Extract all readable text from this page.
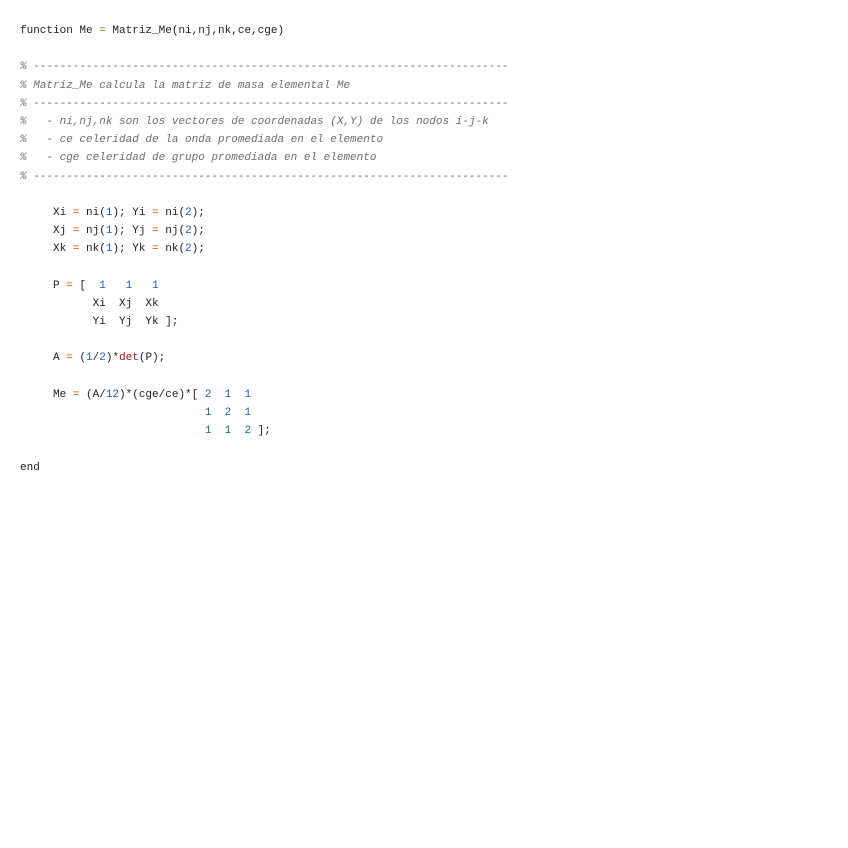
function Me = Matriz_Me(ni,nj,nk,ce,cge)
% ------------------------------------------------------------------------
% Matriz_Me calcula la matriz de masa elemental Me
% ------------------------------------------------------------------------
%   - ni,nj,nk son los vectores de coordenadas (X,Y) de los nodos i-j-k
%   - ce celeridad de la onda promediada en el elemento
%   - cge celeridad de grupo promediada en el elemento
% ------------------------------------------------------------------------
Xi = ni(1); Yi = ni(2);
Xj = nj(1); Yj = nj(2);
Xk = nk(1); Yk = nk(2);
P = [  1 1 1
Xi  Xj  Xk
Yi  Yj  Yk ];
A = (1/2)*det(P);
Me = (A/12)*(cge/ce)*[ 2 1 1
1 2 1
1 1 2 ];
end
